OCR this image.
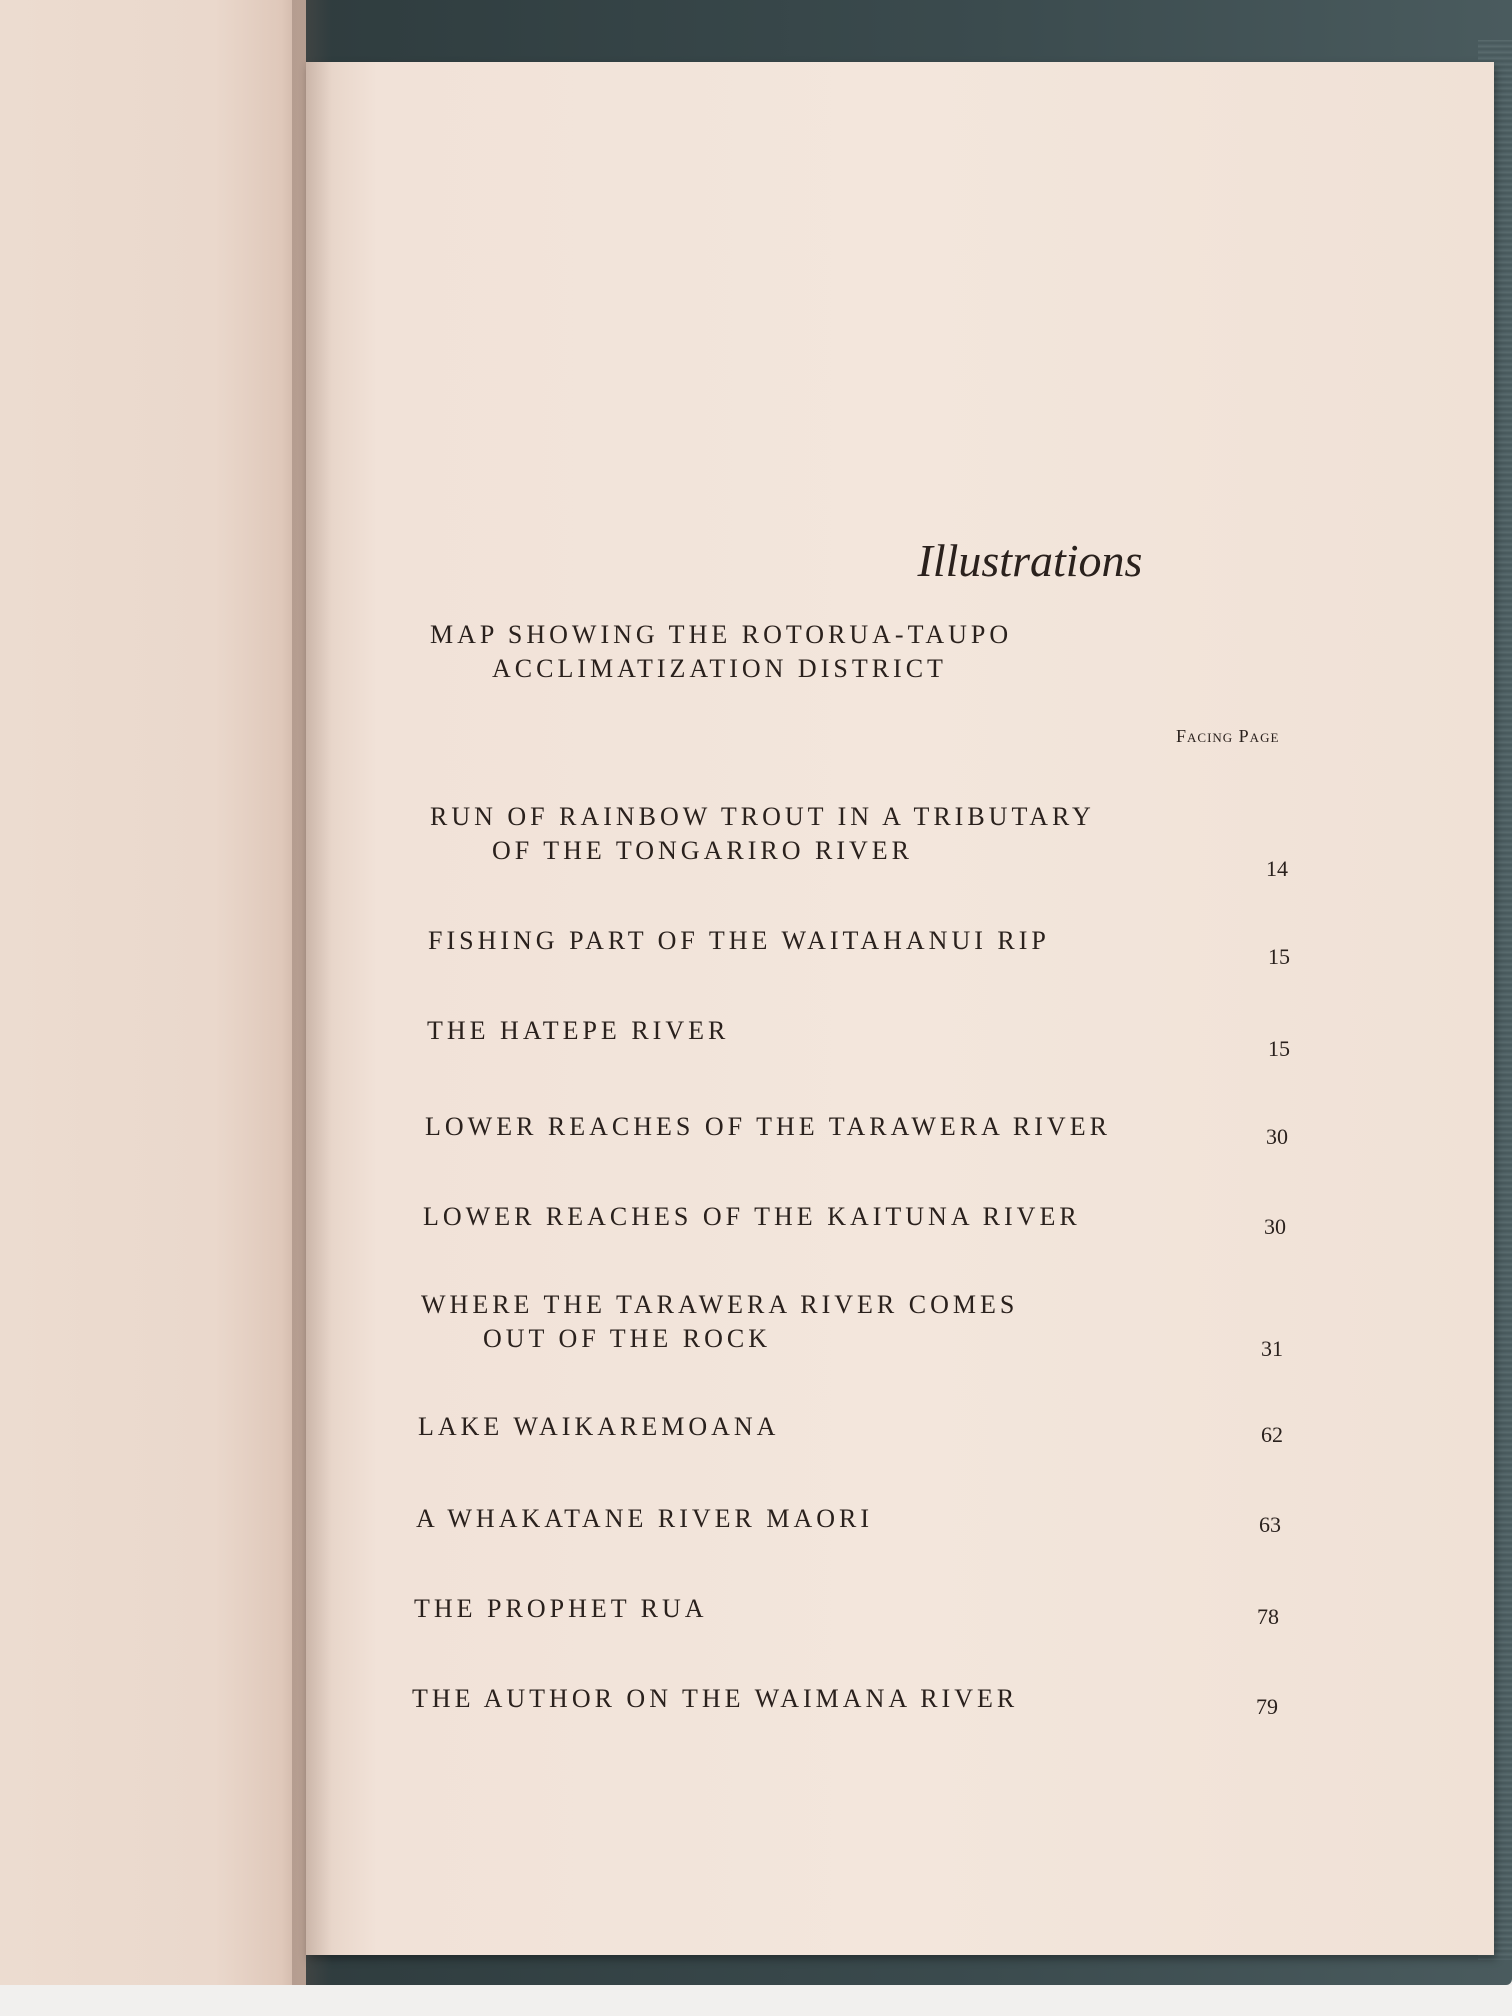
Illustrations
MAP SHOWING THE ROTORUA-TAUPO
ACCLIMATIZATION DISTRICT
Facing Page
RUN OF RAINBOW TROUT IN A TRIBUTARY
OF THE TONGARIRO RIVER
14
FISHING PART OF THE WAITAHANUI RIP
15
THE HATEPE RIVER
15
LOWER REACHES OF THE TARAWERA RIVER	30
LOWER REACHES OF THE KAITUNA RIVER	30
WHERE THE TARAWERA RIVER COMES
OUT OF THE ROCK	31
LAKE WAIKAREMOANA	62
A WHAKATANE RIVER MAORI	63
THE PROPHET RUA	78
THE AUTHOR ON THE WAIMANA RIVER	79
